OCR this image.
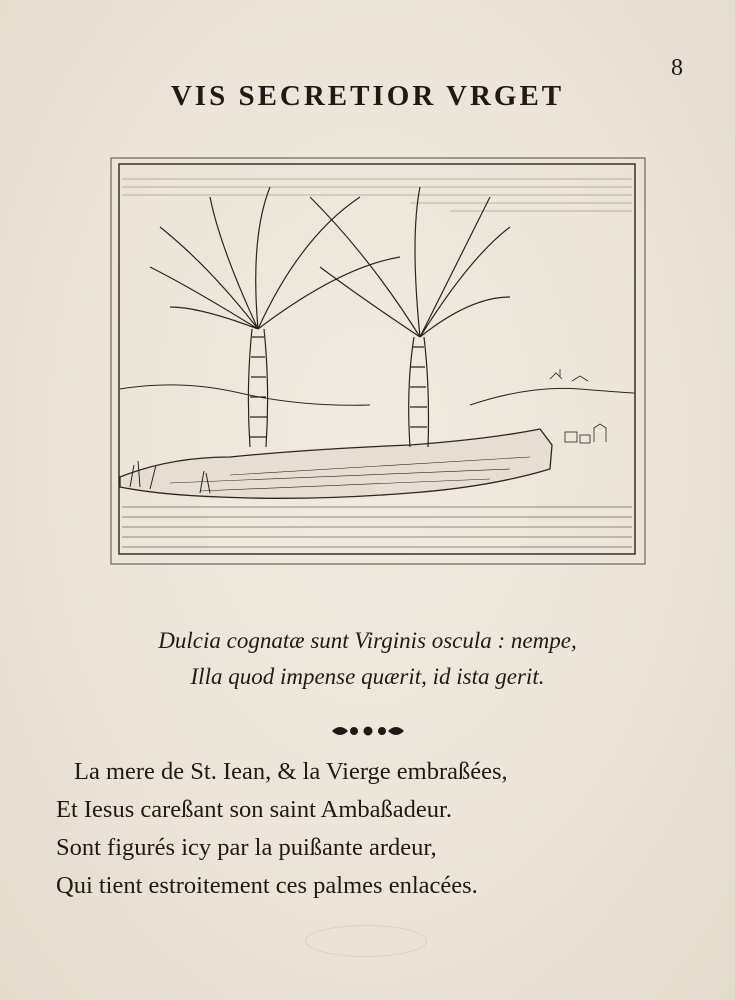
8
VIS SECRETIOR VRGET
Dulcia cognatæ sunt Virginis oscula : nempe,
Illa quod impense quærit, id ista gerit.
La mere de St. Iean, & la Vierge embraßées,
Et Iesus careßant son saint Ambaßadeur.
Sont figurés icy par la puißante ardeur,
Qui tient estroitement ces palmes enlacées.
